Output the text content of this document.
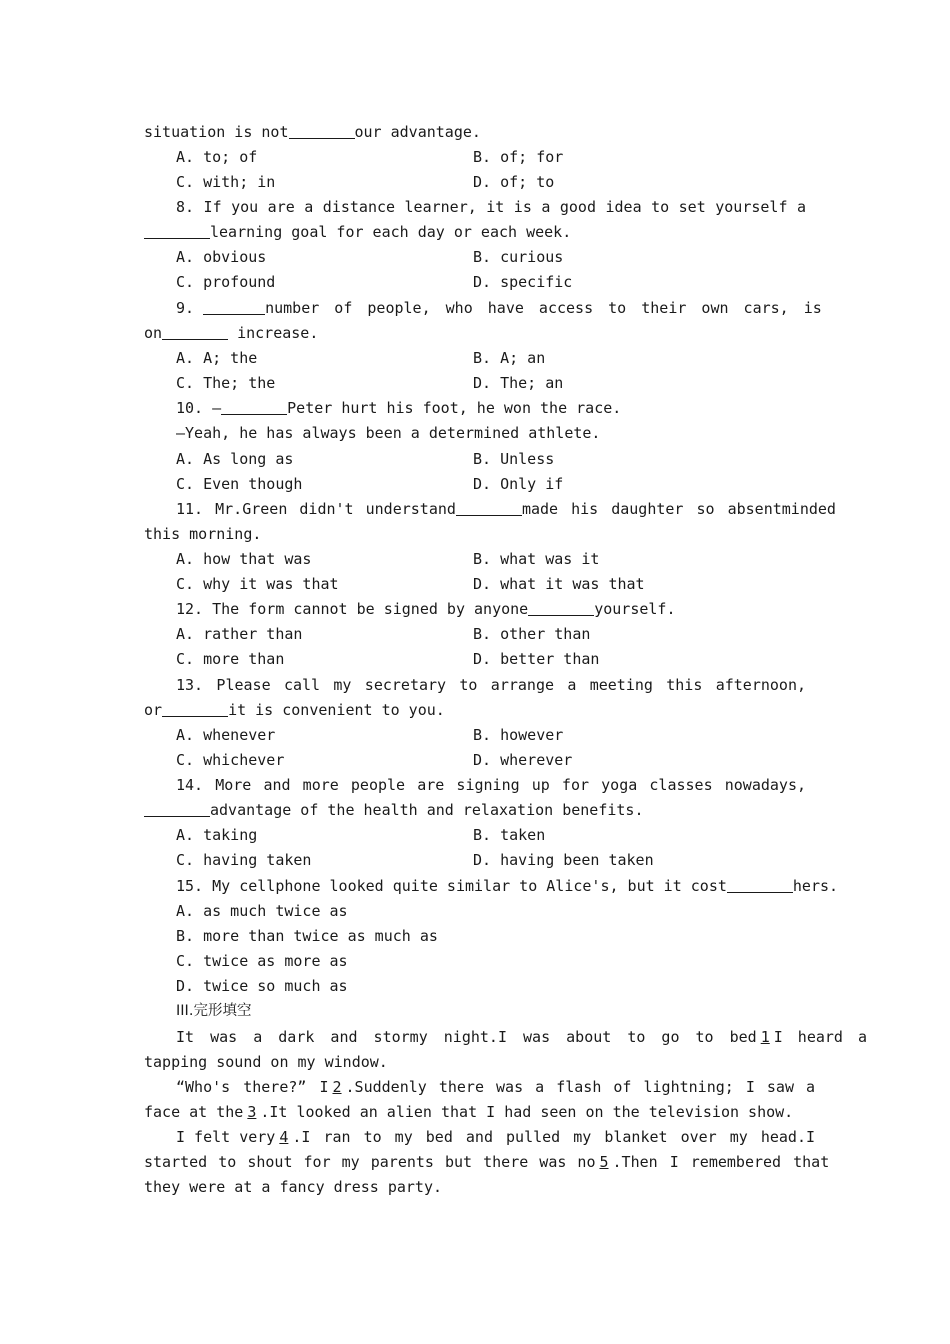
situation is not	our advantage.
A. to; of	B. of; for
C. with; in	D. of; to
8. If you are a distance learner, it is a good idea to set yourself a
learning goal for each day or each week.
A. obvious	B. curious
C. profound	D. specific
9.	number of people, who have access to their own cars, is
on	increase.
A. A; the	B. A; an
C. The; the	D. The; an
10. —	Peter hurt his foot, he won the race.
—Yeah, he has always been a determined athlete.
A. As long as	B. Unless
C. Even though	D. Only if
11. Mr.Green didn't understand	made his daughter so absentminded
this morning.
A. how that was	B. what was it
C. why it was that	D. what it was that
12. The form cannot be signed by anyone	yourself.
A. rather than	B. other than
C. more than	D. better than
13. Please call my secretary to arrange a meeting this afternoon,
or	it is convenient to you.
A. whenever	B. however
C. whichever	D. wherever
14. More and more people are signing up for yoga classes nowadays,
advantage of the health and relaxation benefits.
A. taking	B. taken
C. having taken	D. having been taken
15. My cellphone looked quite similar to Alice's, but it cost	hers.
A. as much twice as
B. more than twice as much as
C. twice as more as
D. twice so much as
III.完形填空
It was a dark and stormy night.I was about to go to bed 1 I heard a
tapping sound on my window.
“Who's there?” I 2 .Suddenly there was a flash of lightning; I saw a
face at the 3 .It looked an alien that I had seen on the television show.
I felt very 4 .I ran to my bed and pulled my blanket over my head.I
started to shout for my parents but there was no 5 .Then I remembered that
they were at a fancy dress party.
